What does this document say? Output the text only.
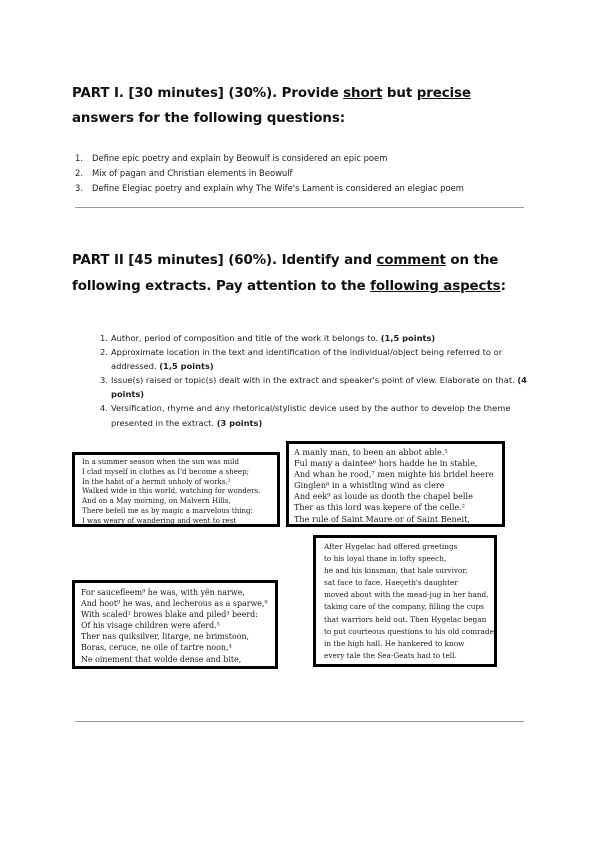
PART I. [30 minutes] (30%). Provide short but precise answers for the following questions:
1. Define epic poetry and explain by Beowulf is considered an epic poem
2. Mix of pagan and Christian elements in Beowulf
3. Define Elegiac poetry and explain why The Wife's Lament is considered an elegiac poem
PART II [45 minutes] (60%). Identify and comment on the following extracts. Pay attention to the following aspects:
1. Author, period of composition and title of the work it belongs to. (1,5 points)
2. Approximate location in the text and identification of the individual/object being referred to or addressed. (1,5 points)
3. Issue(s) raised or topic(s) dealt with in the extract and speaker's point of view. Elaborate on that. (4 points)
4. Versification, rhyme and any rhetorical/stylistic device used by the author to develop the theme presented in the extract. (3 points)
In a summer season when the sun was mild
I clad myself in clothes as I'd become a sheep;
In the habit of a hermit unholy of works,²
Walked wide in this world, watching for wonders.
And on a May morning, on Malvern Hills,
There befell me as by magic a marvelous thing:
I was weary of wandering and went to rest
A manly man, to been an abbot able.⁵
Ful many a daintee⁶ hors hadde he in stable,
And whan he rood,⁷ men mighte his bridel heere
Ginglen⁸ in a whistling wind as clere
And eek⁹ as loude as dooth the chapel belle
Ther as this lord was kepere of the celle.²
The rule of Saint Maure or of Saint Beneit,
For saucefleem⁹ he was, with yën narwe,
And hoot⁹ he was, and lecherous as a sparwe,⁹
With scaled¹ browes blake and piled³ beerd:
Of his visage children were aferd.⁵
Ther nas quiksilver, litarge, ne brimstoon,
Boras, ceruce, ne oile of tartre noon,⁴
Ne oinement that wolde dense and bite,
After Hygelac had offered greetings
to his loyal thane in lofty speech,
he and his kinsman, that hale survivor,
sat face to face. Haeçeth's daughter
moved about with the mead-jug in her hand,
taking care of the company, filling the cups
that warriors held out. Then Hygelac began
to put courteous questions to his old comrade
in the high hall. He hankered to know
every tale the Sea-Geats had to tell.
